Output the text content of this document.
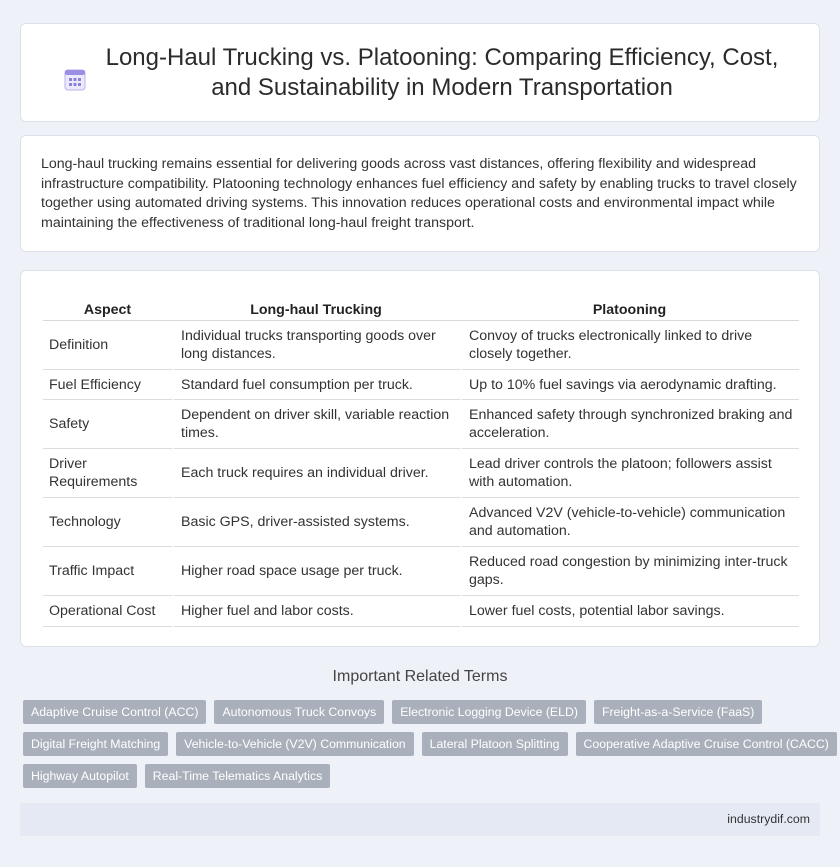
Long-Haul Trucking vs. Platooning: Comparing Efficiency, Cost,
and Sustainability in Modern Transportation

Long-haul trucking remains essential for delivering goods across vast distances, offering flexibility and widespread infrastructure compatibility. Platooning technology enhances fuel efficiency and safety by enabling trucks to travel closely together using automated driving systems. This innovation reduces operational costs and environmental impact while maintaining the effectiveness of traditional long-haul freight transport.

Aspect	Long-haul Trucking	Platooning
Definition	Individual trucks transporting goods over long distances.	Convoy of trucks electronically linked to drive closely together.
Fuel Efficiency	Standard fuel consumption per truck.	Up to 10% fuel savings via aerodynamic drafting.
Safety	Dependent on driver skill, variable reaction times.	Enhanced safety through synchronized braking and acceleration.
Driver Requirements	Each truck requires an individual driver.	Lead driver controls the platoon; followers assist with automation.
Technology	Basic GPS, driver-assisted systems.	Advanced V2V (vehicle-to-vehicle) communication and automation.
Traffic Impact	Higher road space usage per truck.	Reduced road congestion by minimizing inter-truck gaps.
Operational Cost	Higher fuel and labor costs.	Lower fuel costs, potential labor savings.
Important Related Terms
Adaptive Cruise Control (ACC)	Autonomous Truck Convoys	Electronic Logging Device (ELD)	Freight-as-a-Service (FaaS)
Digital Freight Matching	Vehicle-to-Vehicle (V2V) Communication	Lateral Platoon Splitting	Cooperative Adaptive Cruise Control (CACC)
Highway Autopilot	Real-Time Telematics Analytics
industrydif.com
